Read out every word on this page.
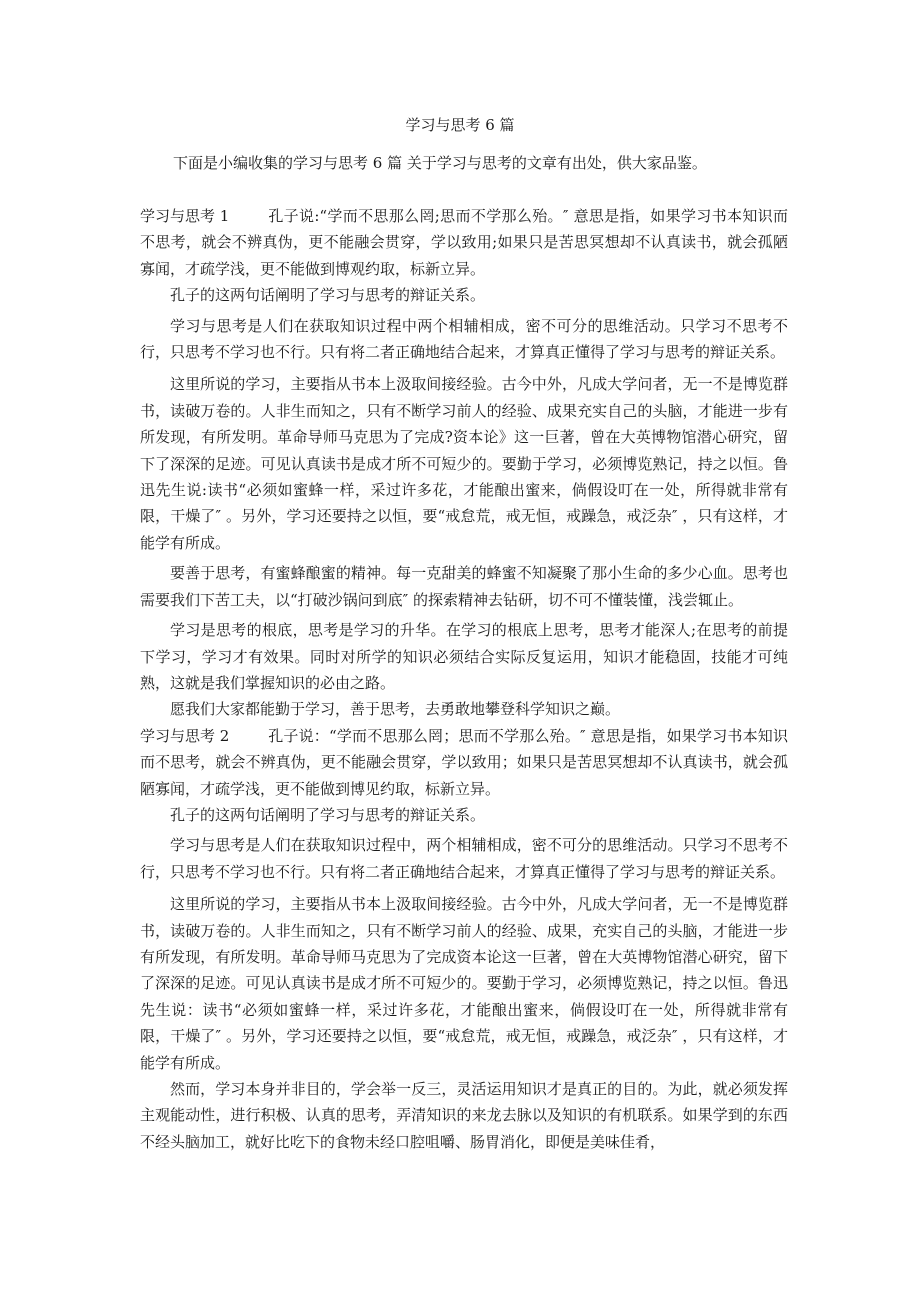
学习与思考 6 篇
下面是小编收集的学习与思考 6 篇 关于学习与思考的文章有出处，供大家品鉴。

学习与思考 1	孔子说:“学而不思那么罔;思而不学那么殆。″ 意思是指，如果学习书本知识而不思考，就会不辨真伪，更不能融会贯穿，学以致用;如果只是苦思冥想却不认真读书，就会孤陋寡闻，才疏学浅，更不能做到博观约取，标新立异。

孔子的这两句话阐明了学习与思考的辩证关系。

学习与思考是人们在获取知识过程中两个相辅相成，密不可分的思维活动。只学习不思考不行，只思考不学习也不行。只有将二者正确地结合起来，才算真正懂得了学习与思考的辩证关系。

这里所说的学习，主要指从书本上汲取间接经验。古今中外，凡成大学问者，无一不是博览群书，读破万卷的。人非生而知之，只有不断学习前人的经验、成果充实自己的头脑，才能进一步有所发现，有所发明。革命导师马克思为了完成?资本论》这一巨著，曾在大英博物馆潜心研究，留下了深深的足迹。可见认真读书是成才所不可短少的。要勤于学习，必须博览熟记，持之以恒。鲁迅先生说:读书“必须如蜜蜂一样，采过许多花，才能酿出蜜来，倘假设叮在一处，所得就非常有限，干燥了″ 。另外，学习还要持之以恒，要“戒怠荒，戒无恒，戒躁急，戒泛杂″ ，只有这样，才能学有所成。

要善于思考，有蜜蜂酿蜜的精神。每一克甜美的蜂蜜不知凝聚了那小生命的多少心血。思考也需要我们下苦工夫，以“打破沙锅问到底″ 的探索精神去钻研，切不可不懂装懂，浅尝辄止。

学习是思考的根底，思考是学习的升华。在学习的根底上思考，思考才能深人;在思考的前提下学习，学习才有效果。同时对所学的知识必须结合实际反复运用，知识才能稳固，技能才可纯熟，这就是我们掌握知识的必由之路。

愿我们大家都能勤于学习，善于思考，去勇敢地攀登科学知识之巅。

学习与思考 2	孔子说：“学而不思那么罔；思而不学那么殆。″ 意思是指，如果学习书本知识而不思考，就会不辨真伪，更不能融会贯穿，学以致用；如果只是苦思冥想却不认真读书，就会孤陋寡闻，才疏学浅，更不能做到博见约取，标新立异。

孔子的这两句话阐明了学习与思考的辩证关系。

学习与思考是人们在获取知识过程中，两个相辅相成，密不可分的思维活动。只学习不思考不行，只思考不学习也不行。只有将二者正确地结合起来，才算真正懂得了学习与思考的辩证关系。

这里所说的学习，主要指从书本上汲取间接经验。古今中外，凡成大学问者，无一不是博览群书，读破万卷的。人非生而知之，只有不断学习前人的经验、成果，充实自己的头脑，才能进一步有所发现，有所发明。革命导师马克思为了完成资本论这一巨著，曾在大英博物馆潜心研究，留下了深深的足迹。可见认真读书是成才所不可短少的。要勤于学习，必须博览熟记，持之以恒。鲁迅先生说：读书“必须如蜜蜂一样，采过许多花，才能酿出蜜来，倘假设叮在一处，所得就非常有限，干燥了″ 。另外，学习还要持之以恒，要“戒怠荒，戒无恒，戒躁急，戒泛杂″ ，只有这样，才能学有所成。

然而，学习本身并非目的，学会举一反三，灵活运用知识才是真正的目的。为此，就必须发挥主观能动性，进行积极、认真的思考，弄清知识的来龙去脉以及知识的有机联系。如果学到的东西不经头脑加工，就好比吃下的食物未经口腔咀嚼、肠胃消化，即便是美味佳肴，
